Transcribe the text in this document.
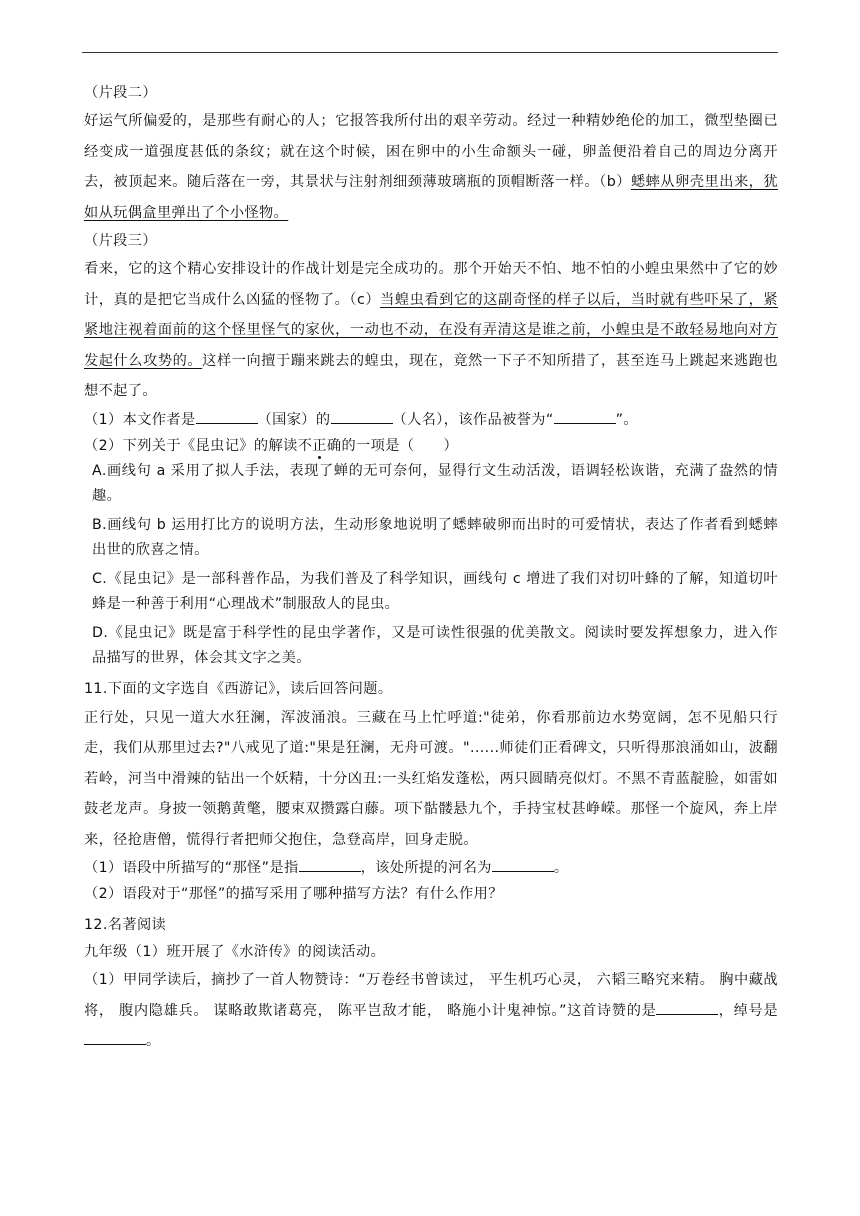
（片段二）

好运气所偏爱的，是那些有耐心的人；它报答我所付出的艰辛劳动。经过一种精妙绝伦的加工，微型垫圈已经变成一道强度甚低的条纹；就在这个时候，困在卵中的小生命额头一碰，卵盖便沿着自己的周边分离开去，被顶起来。随后落在一旁，其景状与注射剂细颈薄玻璃瓶的顶帽断落一样。（b）蟋蟀从卵壳里出来，犹如从玩偶盒里弹出了个小怪物。

（片段三）

看来，它的这个精心安排设计的作战计划是完全成功的。那个开始天不怕、地不怕的小蝗虫果然中了它的妙计，真的是把它当成什么凶猛的怪物了。（c）当蝗虫看到它的这副奇怪的样子以后，当时就有些吓呆了，紧紧地注视着面前的这个怪里怪气的家伙，一动也不动，在没有弄清这是谁之前，小蝗虫是不敢轻易地向对方发起什么攻势的。这样一向擅于蹦来跳去的蝗虫，现在，竟然一下子不知所措了，甚至连马上跳起来逃跑也想不起了。

（1）本文作者是	（国家）的	（人名），该作品被誉为“	”。

（2）下列关于《昆虫记》的解读不正确的一项是（　　）

A.画线句 a 采用了拟人手法，表现了蝉的无可奈何，显得行文生动活泼，语调轻松诙谐，充满了盎然的情趣。

B.画线句 b 运用打比方的说明方法，生动形象地说明了蟋蟀破卵而出时的可爱情状，表达了作者看到蟋蟀出世的欣喜之情。

C.《昆虫记》是一部科普作品，为我们普及了科学知识，画线句 c 增进了我们对切叶蜂的了解，知道切叶蜂是一种善于利用“心理战术”制服敌人的昆虫。

D.《昆虫记》既是富于科学性的昆虫学著作，又是可读性很强的优美散文。阅读时要发挥想象力，进入作品描写的世界，体会其文字之美。

11.下面的文字选自《西游记》，读后回答问题。

正行处，只见一道大水狂澜，浑波涌浪。三藏在马上忙呼道:"徒弟，你看那前边水势宽阔，怎不见船只行走，我们从那里过去?"八戒见了道:"果是狂澜，无舟可渡。"......师徒们正看碑文，只听得那浪涌如山，波翻若岭，河当中滑辣的钻出一个妖精，十分凶丑:一头红焰发蓬松，两只圆睛亮似灯。不黑不青蓝靛脸，如雷如鼓老龙声。身披一领鹅黄氅，腰束双攒露白藤。项下骷髅悬九个，手持宝杖甚峥嵘。那怪一个旋风，奔上岸来，径抢唐僧，慌得行者把师父抱住，急登高岸，回身走脱。

（1）语段中所描写的“那怪”是指	，该处所提的河名为	。

（2）语段对于“那怪”的描写采用了哪种描写方法？有什么作用？

12.名著阅读

九年级（1）班开展了《水浒传》的阅读活动。

（1）甲同学读后，摘抄了一首人物赞诗：“万卷经书曾读过， 平生机巧心灵， 六韬三略究来精。 胸中藏战将， 腹内隐雄兵。 谋略敢欺诸葛亮， 陈平岂敌才能， 略施小计鬼神惊。”这首诗赞的是	，绰号是。
